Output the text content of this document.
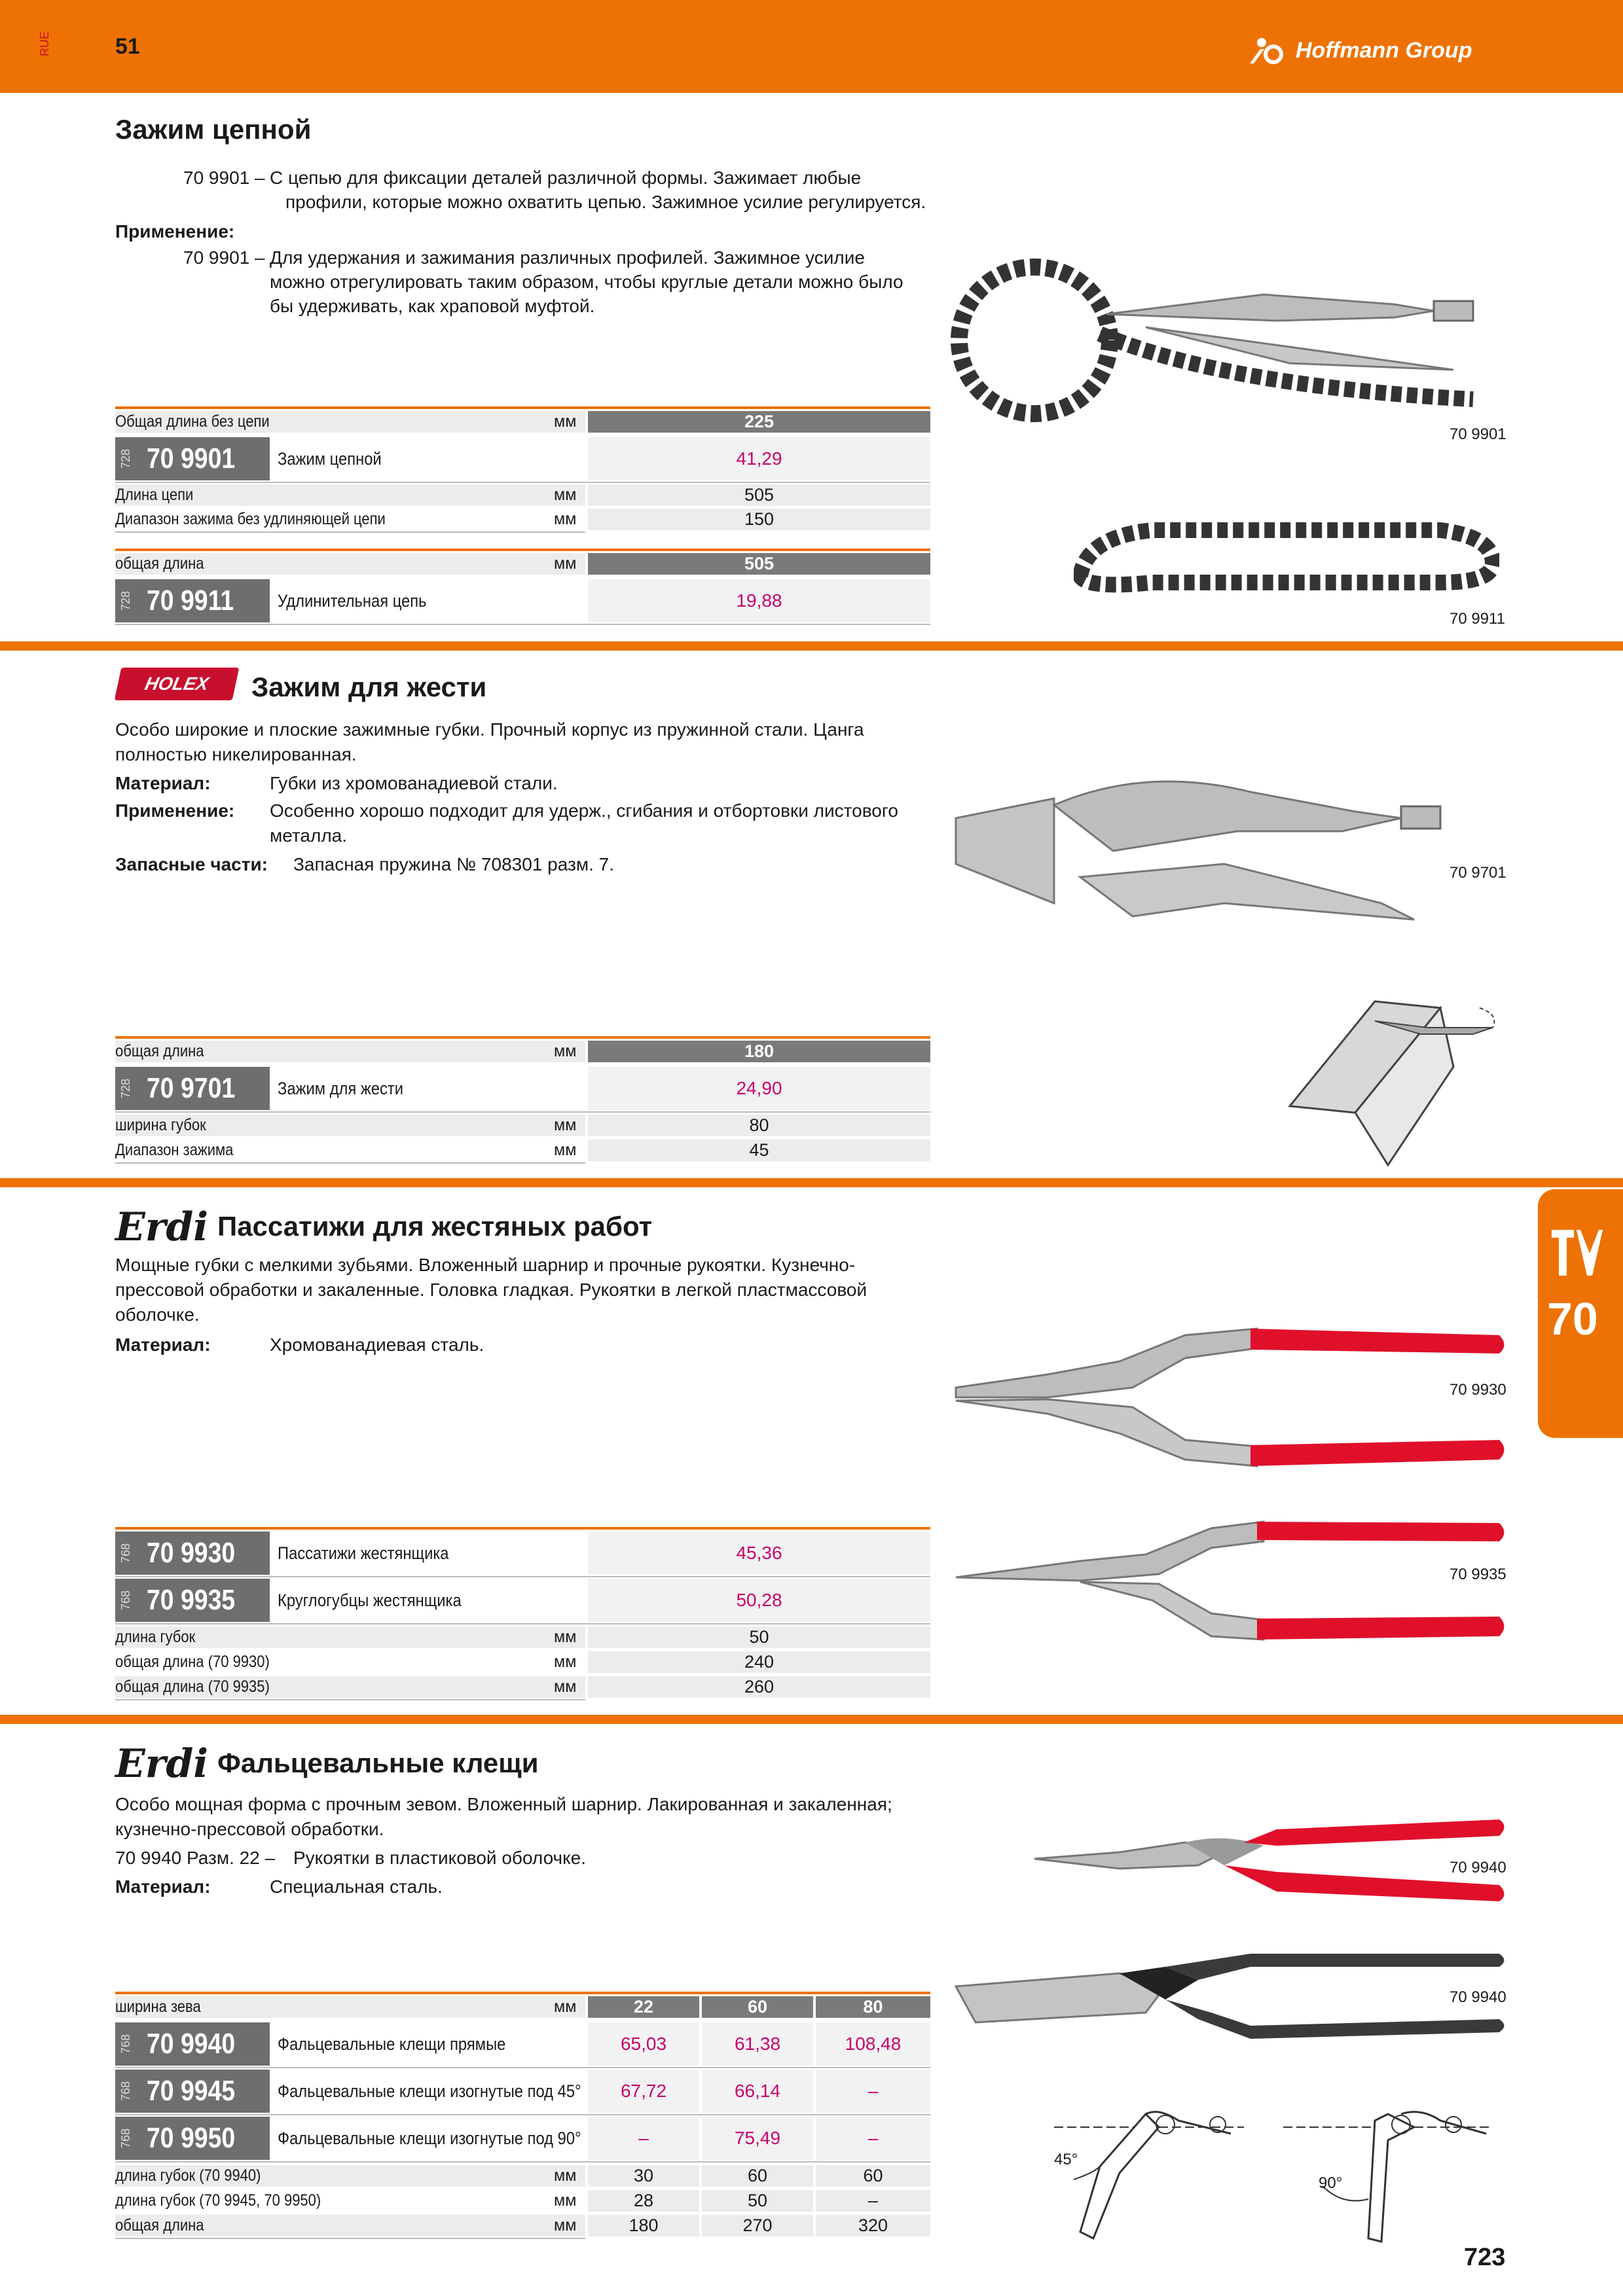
RUE	51	Hoffmann Group
Зажим цепной
70 9901 – С цепью для фиксации деталей различной формы. Зажимает любые
профили, которые можно охватить цепью. Зажимное усилие регулируется.
Применение:
70 9901 – Для удержания и зажимания различных профилей. Зажимное усилие
можно отрегулировать таким образом, чтобы круглые детали можно было
бы удерживать, как храповой муфтой.
Общая длина без цепи	мм	225
728 70 9901 Зажим цепной	41,29
Длина цепи	мм	505
Диапазон зажима без удлиняющей цепи	мм	150
общая длина	мм	505
728 70 9911 Удлинительная цепь	19,88
70 9901
70 9911
HOLEX	Зажим для жести
Особо широкие и плоские зажимные губки. Прочный корпус из пружинной стали. Цанга
полностью никелированная.
Материал:	Губки из хромованадиевой стали.
Применение: Особенно хорошо подходит для удерж., сгибания и отбортовки листового
металла.
Запасные части: Запасная пружина № 708301 разм. 7.
общая длина	мм	180
728 70 9701 Зажим для жести	24,90
ширина губок	мм	80
Диапазон зажима	мм	45
70 9701
70
Erdi Пассатижи для жестяных работ
Мощные губки с мелкими зубьями. Вложенный шарнир и прочные рукоятки. Кузнечно-
прессовой обработки и закаленные. Головка гладкая. Рукоятки в легкой пластмассовой
оболочке.
Материал:	Хромованадиевая сталь.
768 70 9930 Пассатижи жестянщика	45,36
768 70 9935 Круглогубцы жестянщика	50,28
длина губок	мм	50
общая длина (70 9930)	мм	240
общая длина (70 9935)	мм	260
70 9930
70 9935
Erdi Фальцевальные клещи
Особо мощная форма с прочным зевом. Вложенный шарнир. Лакированная и закаленная;
кузнечно-прессовой обработки.
70 9940 Разм. 22 – Рукоятки в пластиковой оболочке.
Материал:	Специальная сталь.
ширина зева	мм	22	60	80
768 70 9940 Фальцевальные клещи прямые	65,03	61,38	108,48
768 70 9945 Фальцевальные клещи изогнутые под 45°	67,72	66,14	–
768 70 9950 Фальцевальные клещи изогнутые под 90°	–	75,49	–
длина губок (70 9940)	мм	30	60	60
длина губок (70 9945, 70 9950)	мм	28	50	–
общая длина	мм	180	270	320
70 9940
70 9940
45°
90°
723
